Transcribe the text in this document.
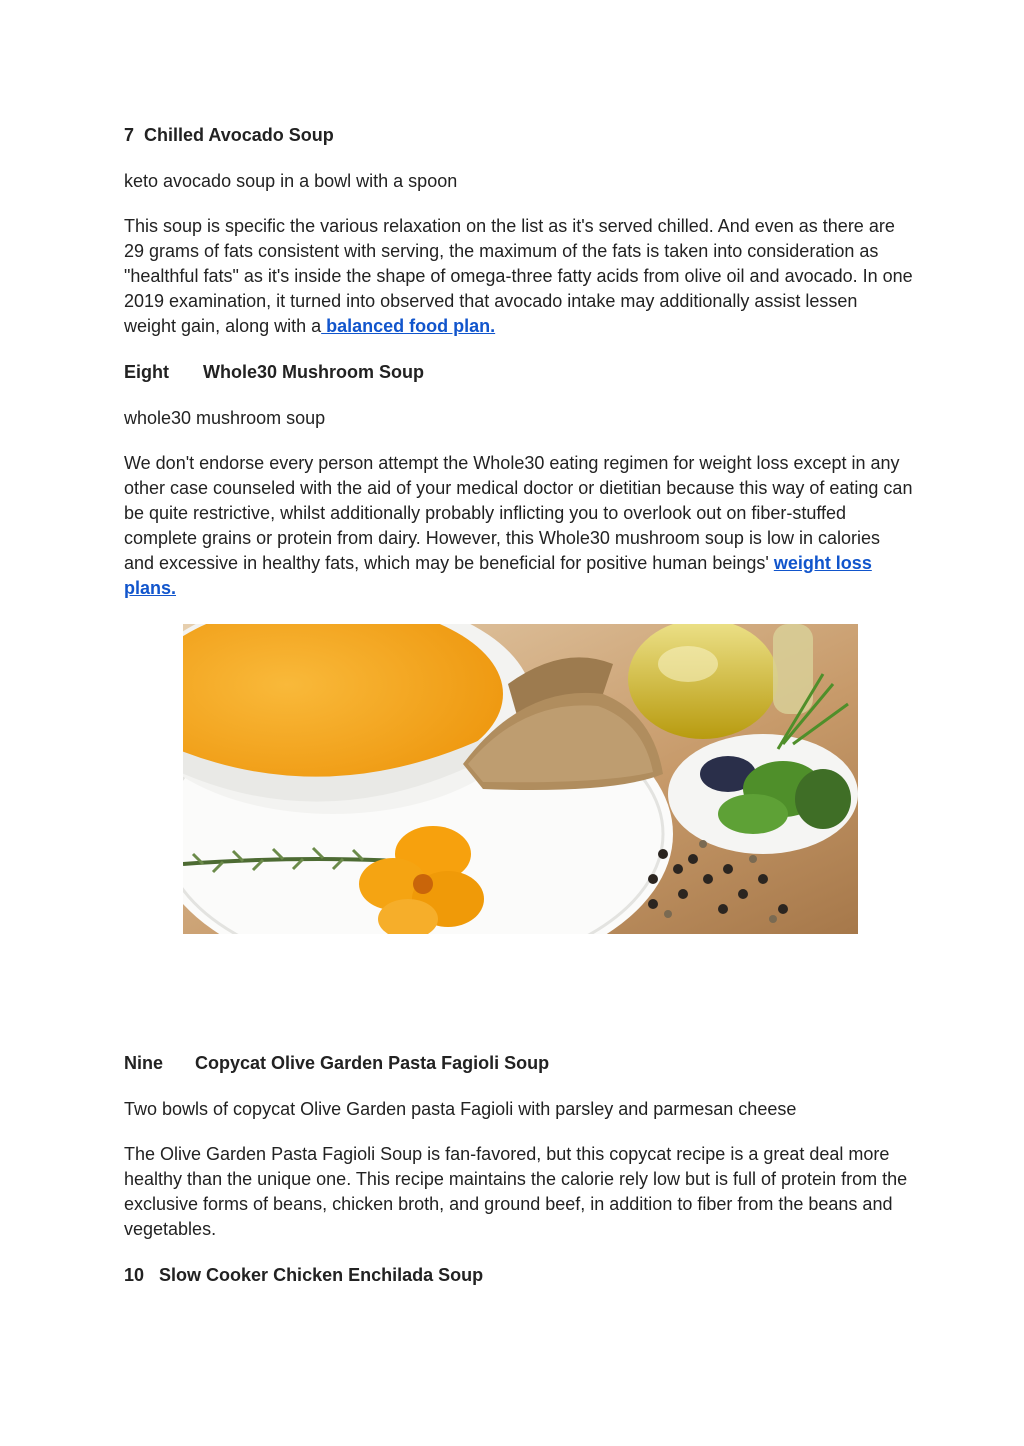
7 Chilled Avocado Soup

keto avocado soup in a bowl with a spoon

This soup is specific the various relaxation on the list as it's served chilled. And even as there are 29 grams of fats consistent with serving, the maximum of the fats is taken into consideration as "healthful fats" as it's inside the shape of omega-three fatty acids from olive oil and avocado. In one 2019 examination, it turned into observed that avocado intake may additionally assist lessen weight gain, along with a balanced food plan.

Eight Whole30 Mushroom Soup

whole30 mushroom soup

We don't endorse every person attempt the Whole30 eating regimen for weight loss except in any other case counseled with the aid of your medical doctor or dietitian because this way of eating can be quite restrictive, whilst additionally probably inflicting you to overlook out on fiber-stuffed complete grains or protein from dairy. However, this Whole30 mushroom soup is low in calories and excessive in healthy fats, which may be beneficial for positive human beings' weight loss plans.

Nine Copycat Olive Garden Pasta Fagioli Soup

Two bowls of copycat Olive Garden pasta Fagioli with parsley and parmesan cheese

The Olive Garden Pasta Fagioli Soup is fan-favored, but this copycat recipe is a great deal more healthy than the unique one. This recipe maintains the calorie rely low but is full of protein from the exclusive forms of beans, chicken broth, and ground beef, in addition to fiber from the beans and vegetables.

10 Slow Cooker Chicken Enchilada Soup
